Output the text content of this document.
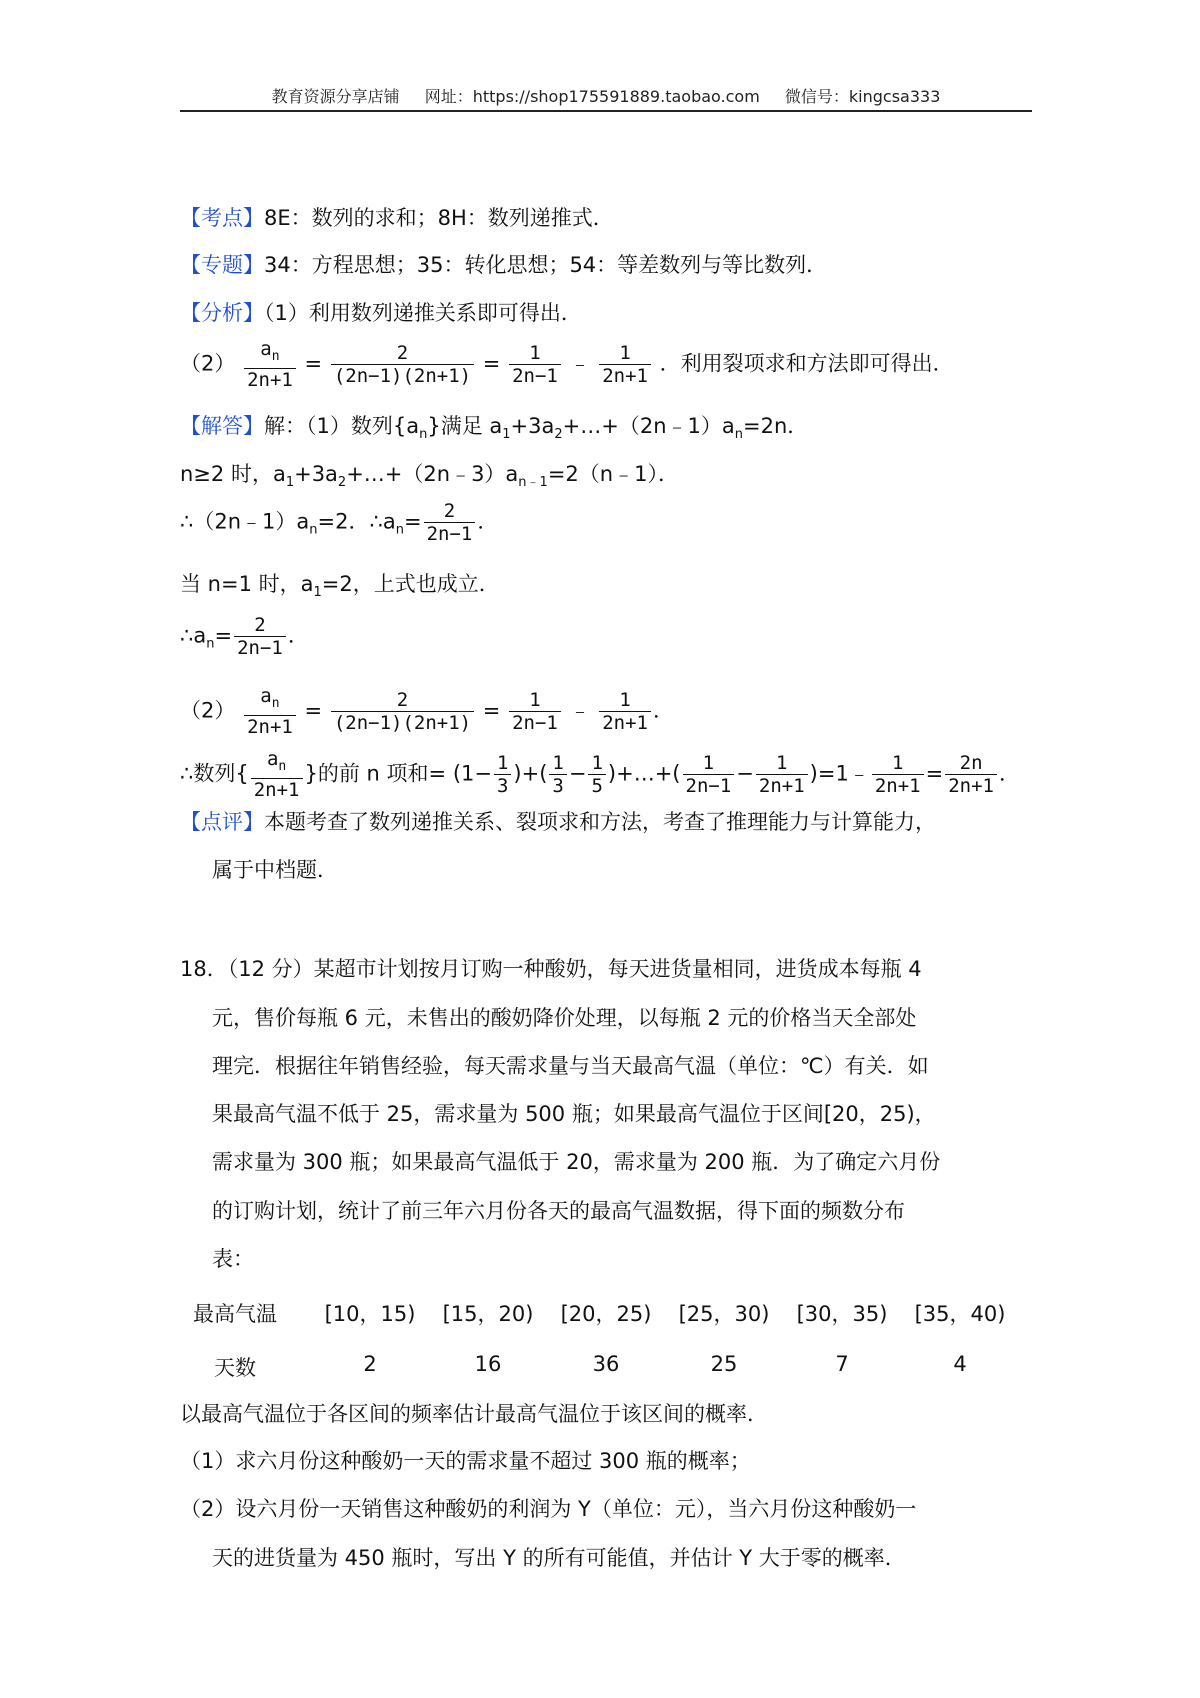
教育资源分享店铺 网址：https://shop175591889.taobao.com 微信号：kingcsa333
【考点】8E：数列的求和；8H：数列递推式．
【专题】34：方程思想；35：转化思想；54：等差数列与等比数列．
【分析】（1）利用数列递推关系即可得出．
$(2) \frac{a_n}{2n+1} = \frac{2}{(2n-1)(2n+1)} = \frac{1}{2n-1}$ ﹣ $\frac{1}{2n+1}$ ．利用裂项求和方法即可得出．
【解答】解：（1）数列$\{a_n\}$满足 $a_1+3a_2+\dots+(2n﹣1)a_n=2n$．
n≥2 时，$a_1+3a_2+\dots+(2n﹣3)a_{n﹣1}=2(n﹣1)$．
$\therefore(2n﹣1)a_n=2$．$\therefore a_n= \frac{2}{2n-1}$ ．
当 n=1 时，$a_1=2$，上式也成立．
$\therefore a_n= \frac{2}{2n-1}$ ．
$(2) \frac{a_n}{2n+1} = \frac{2}{(2n-1)(2n+1)} = \frac{1}{2n-1}$ ﹣ $\frac{1}{2n+1}$ ．
∴数列{ $\frac{a_n}{2n+1}$ }的前 n 项和= ($1- \frac{1}{3}$ )+( $\frac{1}{3} - \frac{1}{5}$ )+…+( $\frac{1}{2n-1} - \frac{1}{2n+1}$ )=1﹣ $\frac{1}{2n+1} = \frac{2n}{2n+1}$ ．
【点评】本题考查了数列递推关系、裂项求和方法，考查了推理能力与计算能力，
属于中档题．
18．（12 分）某超市计划按月订购一种酸奶，每天进货量相同，进货成本每瓶 4
元，售价每瓶 6 元，未售出的酸奶降价处理，以每瓶 2 元的价格当天全部处
理完．根据往年销售经验，每天需求量与当天最高气温（单位：℃）有关．如
果最高气温不低于 25，需求量为 500 瓶；如果最高气温位于区间[20，25)，
需求量为 300 瓶；如果最高气温低于 20，需求量为 200 瓶．为了确定六月份
的订购计划，统计了前三年六月份各天的最高气温数据，得下面的频数分布
表：
最高气温	[10，15)	[15，20)	[20，25)	[25，30)	[30，35)	[35，40)
天数	2	16	36	25	7	4
以最高气温位于各区间的频率估计最高气温位于该区间的概率．
（1）求六月份这种酸奶一天的需求量不超过 300 瓶的概率；
（2）设六月份一天销售这种酸奶的利润为 Y（单位：元），当六月份这种酸奶一
天的进货量为 450 瓶时，写出 Y 的所有可能值，并估计 Y 大于零的概率．
